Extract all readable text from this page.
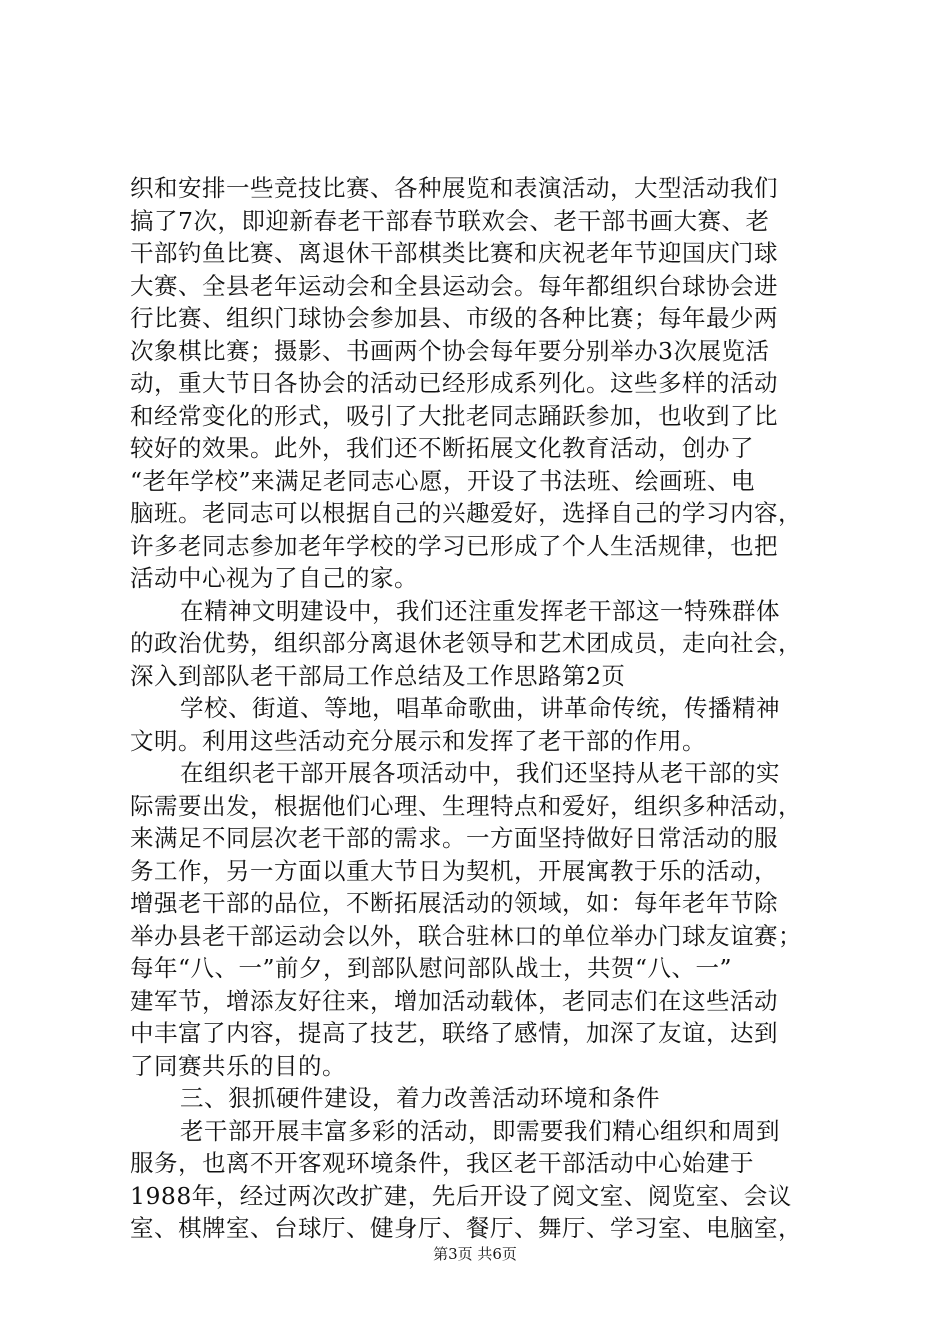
织和安排一些竞技比赛、各种展览和表演活动，大型活动我们
搞了7次，即迎新春老干部春节联欢会、老干部书画大赛、老
干部钓鱼比赛、离退休干部棋类比赛和庆祝老年节迎国庆门球
大赛、全县老年运动会和全县运动会。每年都组织台球协会进
行比赛、组织门球协会参加县、市级的各种比赛；每年最少两
次象棋比赛；摄影、书画两个协会每年要分别举办3次展览活
动，重大节日各协会的活动已经形成系列化。这些多样的活动
和经常变化的形式，吸引了大批老同志踊跃参加，也收到了比
较好的效果。此外，我们还不断拓展文化教育活动，创办了
“老年学校”来满足老同志心愿，开设了书法班、绘画班、电
脑班。老同志可以根据自己的兴趣爱好，选择自己的学习内容，
许多老同志参加老年学校的学习已形成了个人生活规律，也把
活动中心视为了自己的家。
在精神文明建设中，我们还注重发挥老干部这一特殊群体
的政治优势，组织部分离退休老领导和艺术团成员，走向社会，
深入到部队老干部局工作总结及工作思路第2页
学校、街道、等地，唱革命歌曲，讲革命传统，传播精神
文明。利用这些活动充分展示和发挥了老干部的作用。
在组织老干部开展各项活动中，我们还坚持从老干部的实
际需要出发，根据他们心理、生理特点和爱好，组织多种活动，
来满足不同层次老干部的需求。一方面坚持做好日常活动的服
务工作，另一方面以重大节日为契机，开展寓教于乐的活动，
增强老干部的品位，不断拓展活动的领域，如：每年老年节除
举办县老干部运动会以外，联合驻林口的单位举办门球友谊赛；
每年“八、一”前夕，到部队慰问部队战士，共贺“八、一”
建军节，增添友好往来，增加活动载体，老同志们在这些活动
中丰富了内容，提高了技艺，联络了感情，加深了友谊，达到
了同赛共乐的目的。
三、狠抓硬件建设，着力改善活动环境和条件
老干部开展丰富多彩的活动，即需要我们精心组织和周到
服务，也离不开客观环境条件，我区老干部活动中心始建于
1988年，经过两次改扩建，先后开设了阅文室、阅览室、会议
室、棋牌室、台球厅、健身厅、餐厅、舞厅、学习室、电脑室，
第3页 共6页
